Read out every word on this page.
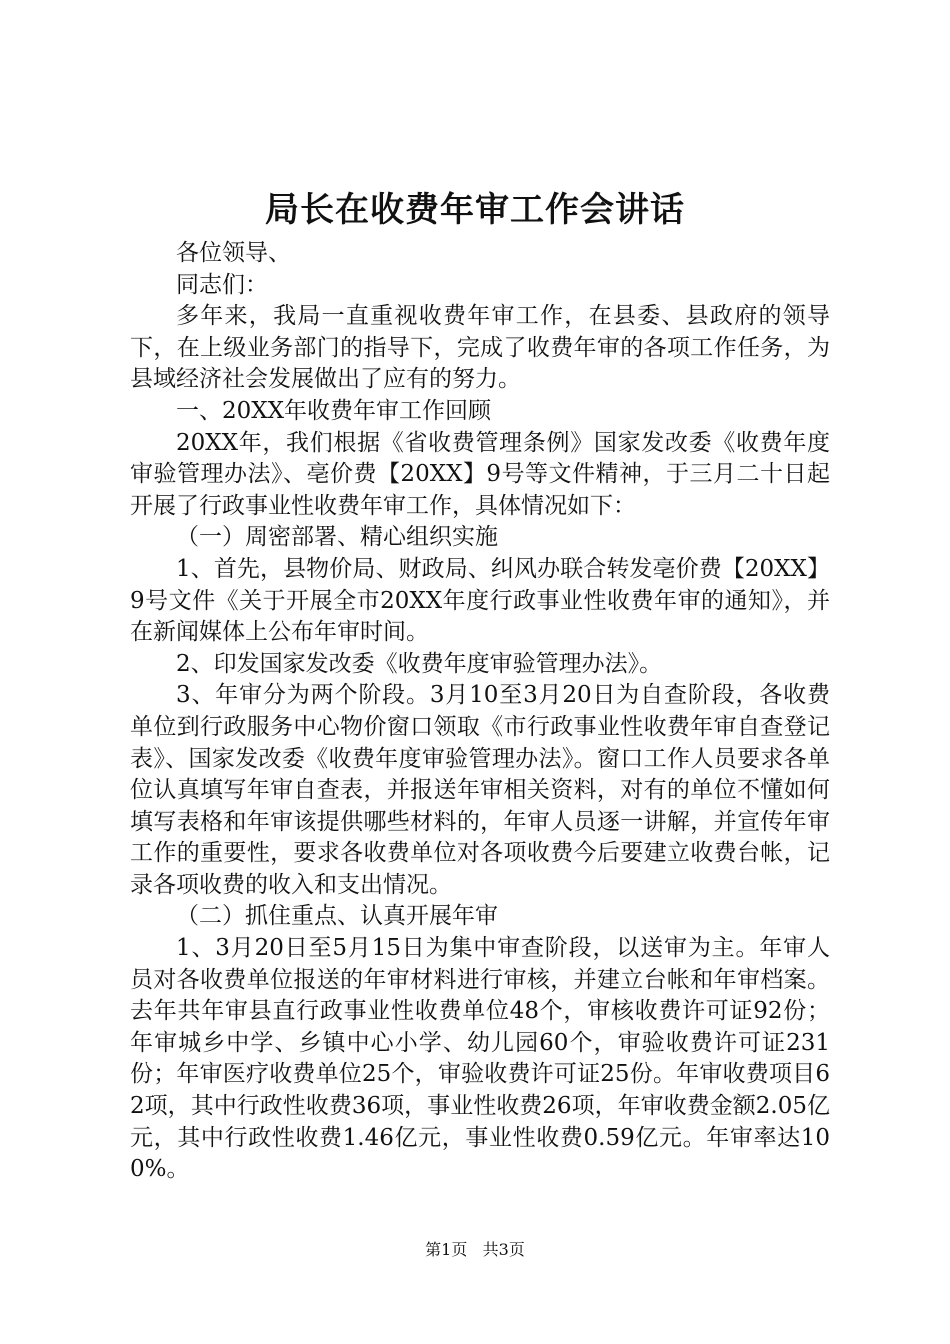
局长在收费年审工作会讲话

各位领导、

同志们：

多年来，我局一直重视收费年审工作，在县委、县政府的领导下，在上级业务部门的指导下，完成了收费年审的各项工作任务，为县域经济社会发展做出了应有的努力。

一、20XX年收费年审工作回顾

20XX年，我们根据《省收费管理条例》国家发改委《收费年度审验管理办法》、亳价费【20XX】9号等文件精神，于三月二十日起开展了行政事业性收费年审工作，具体情况如下：

（一）周密部署、精心组织实施

1、首先，县物价局、财政局、纠风办联合转发亳价费【20XX】9号文件《关于开展全市20XX年度行政事业性收费年审的通知》，并在新闻媒体上公布年审时间。

2、印发国家发改委《收费年度审验管理办法》。

3、年审分为两个阶段。3月10至3月20日为自查阶段，各收费单位到行政服务中心物价窗口领取《市行政事业性收费年审自查登记表》、国家发改委《收费年度审验管理办法》。窗口工作人员要求各单位认真填写年审自查表，并报送年审相关资料，对有的单位不懂如何填写表格和年审该提供哪些材料的，年审人员逐一讲解，并宣传年审工作的重要性，要求各收费单位对各项收费今后要建立收费台帐，记录各项收费的收入和支出情况。

（二）抓住重点、认真开展年审

1、3月20日至5月15日为集中审查阶段，以送审为主。年审人员对各收费单位报送的年审材料进行审核，并建立台帐和年审档案。去年共年审县直行政事业性收费单位48个，审核收费许可证92份；年审城乡中学、乡镇中心小学、幼儿园60个，审验收费许可证231份；年审医疗收费单位25个，审验收费许可证25份。年审收费项目62项，其中行政性收费36项，事业性收费26项，年审收费金额2.05亿元，其中行政性收费1.46亿元，事业性收费0.59亿元。年审率达100%。

第1页 共3页
